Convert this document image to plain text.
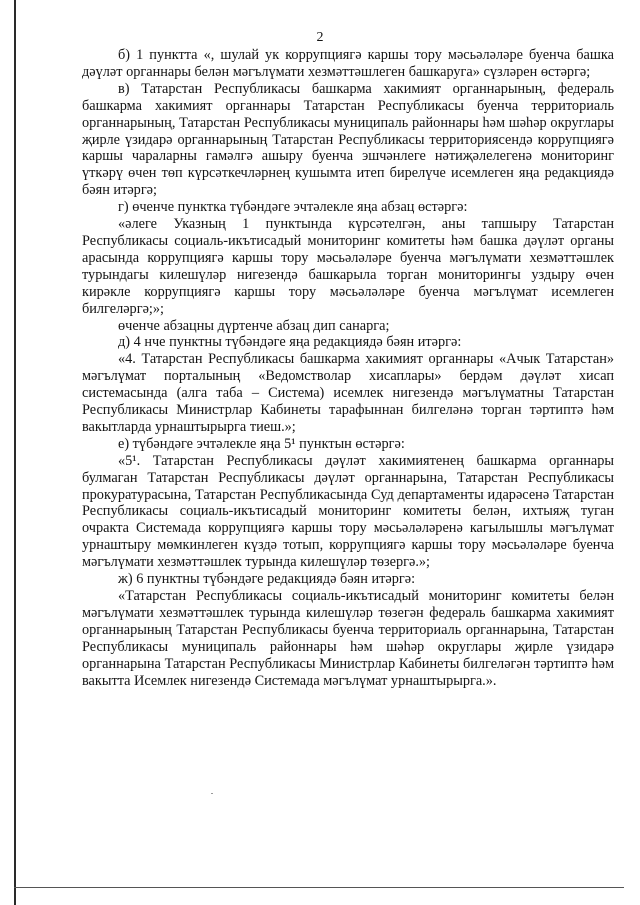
2

б) 1 пунктта «, шулай ук коррупциягә каршы тору мәсьәләләре буенча башка дәүләт органнары белән мәгълүмати хезмәттәшлеген башкаруга» сүзләрен өстәргә;

в) Татарстан Республикасы башкарма хакимият органнарының, федераль башкарма хакимият органнары Татарстан Республикасы буенча территориаль органнарының, Татарстан Республикасы муниципаль районнары һәм шәһәр округлары җирле үзидарә органнарының Татарстан Республикасы территориясендә коррупциягә каршы чараларны гамәлгә ашыру буенча эшчәнлеге нәтиҗәлелегенә мониторинг үткәрү өчен төп күрсәткечләрнең кушымта итеп бирелүче исемлеген яңа редакциядә бәян итәргә;

г) өченче пунктка түбәндәге эчтәлекле яңа абзац өстәргә:

«әлеге Указның 1 пунктында күрсәтелгән, аны тапшыру Татарстан Республикасы социаль-икътисадый мониторинг комитеты һәм башка дәүләт органы арасында коррупциягә каршы тору мәсьәләләре буенча мәгълүмати хезмәттәшлек турындагы килешүләр нигезендә башкарыла торган мониторингы уздыру өчен кирәкле коррупциягә каршы тору мәсьәләләре буенча мәгълүмат исемлеген билгеләргә;»;

өченче абзацны дүртенче абзац дип санарга;

д) 4 нче пунктны түбәндәге яңа редакциядә бәян итәргә:

«4. Татарстан Республикасы башкарма хакимият органнары «Ачык Татарстан» мәгълүмат порталының «Ведомстволар хисаплары» бердәм дәүләт хисап системасында (алга таба – Система) исемлек нигезендә мәгълүматны Татарстан Республикасы Министрлар Кабинеты тарафыннан билгеләнә торган тәртиптә һәм вакытларда урнаштырырга тиеш.»;

е) түбәндәге эчтәлекле яңа 5¹ пунктын өстәргә:

«5¹. Татарстан Республикасы дәүләт хакимиятенең башкарма органнары булмаган Татарстан Республикасы дәүләт органнарына, Татарстан Республикасы прокуратурасына, Татарстан Республикасында Суд департаменты идарәсенә Татарстан Республикасы социаль-икътисадый мониторинг комитеты белән, ихтыяҗ туган очракта Системада коррупциягә каршы тору мәсьәләләренә кагылышлы мәгълүмат урнаштыру мөмкинлеген күздә тотып, коррупциягә каршы тору мәсьәләләре буенча мәгълүмати хезмәттәшлек турында килешүләр төзергә.»;

ж) 6 пунктны түбәндәге редакциядә бәян итәргә:

«Татарстан Республикасы социаль-икътисадый мониторинг комитеты белән мәгълүмати хезмәттәшлек турында килешүләр төзегән федераль башкарма хакимият органнарының Татарстан Республикасы буенча территориаль органнарына, Татарстан Республикасы муниципаль районнары һәм шәһәр округлары җирле үзидарә органнарына Татарстан Республикасы Министрлар Кабинеты билгеләгән тәртиптә һәм вакытта Исемлек нигезендә Системада мәгълүмат урнаштырырга.».
